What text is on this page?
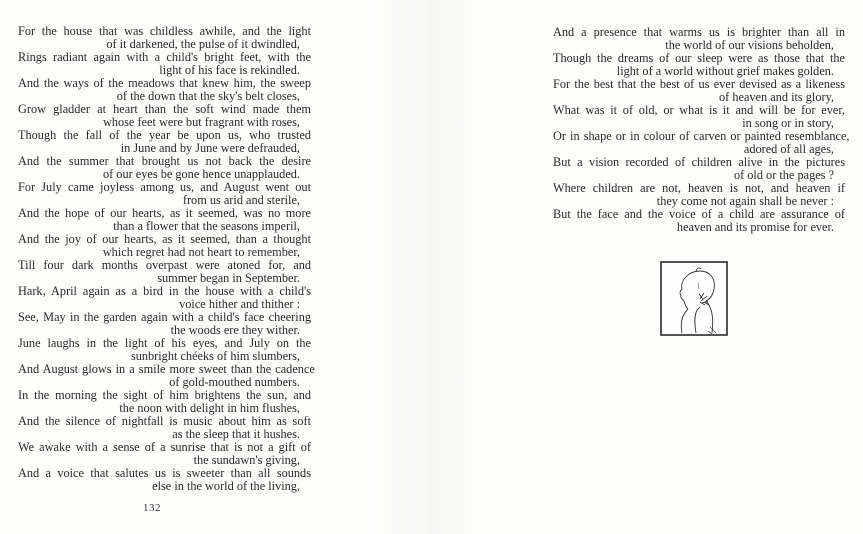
For the house that was childless awhile, and the light
of it darkened, the pulse of it dwindled,
Rings radiant again with a child's bright feet, with the
light of his face is rekindled.
And the ways of the meadows that knew him, the sweep
of the down that the sky's belt closes,
Grow gladder at heart than the soft wind made them
whose feet were but fragrant with roses,
Though the fall of the year be upon us, who trusted
in June and by June were defrauded,
And the summer that brought us not back the desire
of our eyes be gone hence unapplauded.
For July came joyless among us, and August went out
from us arid and sterile,
And the hope of our hearts, as it seemed, was no more
than a flower that the seasons imperil,
And the joy of our hearts, as it seemed, than a thought
which regret had not heart to remember,
Till four dark months overpast were atoned for, and
summer began in September.
Hark, April again as a bird in the house with a child's
voice hither and thither :
See, May in the garden again with a child's face cheering
the woods ere they wither.
June laughs in the light of his eyes, and July on the
sunbright chéeks of him slumbers,
And August glows in a smile more sweet than the cadence
of gold-mouthed numbers.
In the morning the sight of him brightens the sun, and
the noon with delight in him flushes,
And the silence of nightfall is music about him as soft
as the sleep that it hushes.
We awake with a sense of a sunrise that is not a gift of
the sundawn's giving,
And a voice that salutes us is sweeter than all sounds
else in the world of the living,
132
And a presence that warms us is brighter than all in
the world of our visions beholden,
Though the dreams of our sleep were as those that the
light of a world without grief makes golden.
For the best that the best of us ever devised as a likeness
of heaven and its glory,
What was it of old, or what is it and will be for ever,
in song or in story,
Or in shape or in colour of carven or painted resemblance,
adored of all ages,
But a vision recorded of children alive in the pictures
of old or the pages ?
Where children are not, heaven is not, and heaven if
they come not again shall be never :
But the face and the voice of a child are assurance of
heaven and its promise for ever.
